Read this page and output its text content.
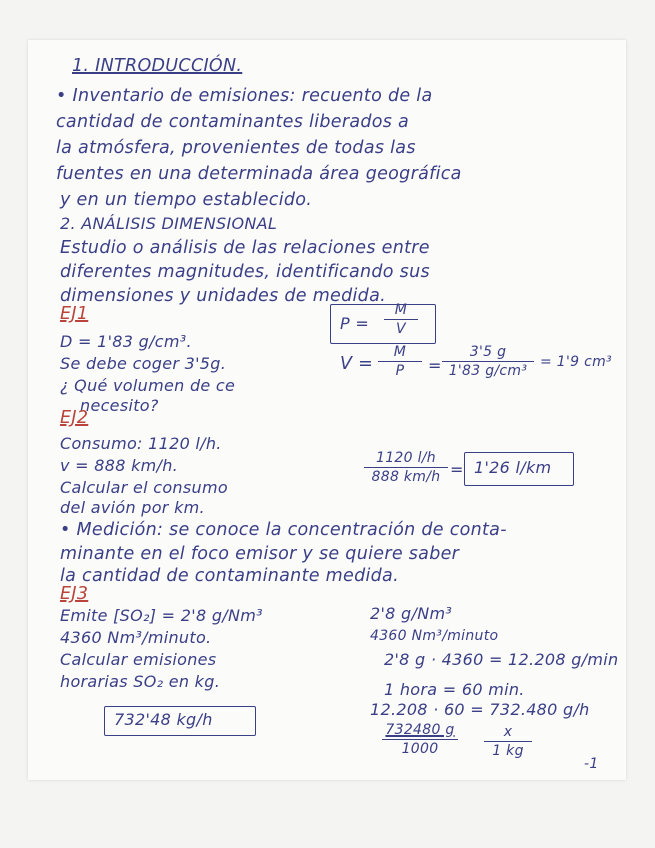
1. INTRODUCCIÓN.
• Inventario de emisiones: recuento de la
cantidad de contaminantes liberados a
la atmósfera, provenientes de todas las
fuentes en una determinada área geográfica
y en un tiempo establecido.
2. ANÁLISIS DIMENSIONAL
Estudio o análisis de las relaciones entre
diferentes magnitudes, identificando sus
dimensiones y unidades de medida.
EJ1
D = 1'83 g/cm³.
Se debe coger 3'5g.
¿ Qué volumen de ce
necesito?
P =
M
V
V =
M
P	=
3'5 g
1'83 g/cm³
= 1'9 cm³
EJ2
Consumo: 1120 l/h.
v = 888 km/h.
Calcular el consumo
del avión por km.
1120 l/h
888 km/h = 1'26 l/km
• Medición: se conoce la concentración de conta-
minante en el foco emisor y se quiere saber
la cantidad de contaminante medida.
EJ3
Emite [SO₂] = 2'8 g/Nm³
4360 Nm³/minuto.
Calcular emisiones
horarias SO₂ en kg.
732'48 kg/h
2'8 g/Nm³
4360 Nm³/minuto
2'8 g · 4360 = 12.208 g/min
1 hora = 60 min.
12.208 · 60 = 732.480 g/h
$\frac{732480 g}{1000}$	x
1 kg
-1
